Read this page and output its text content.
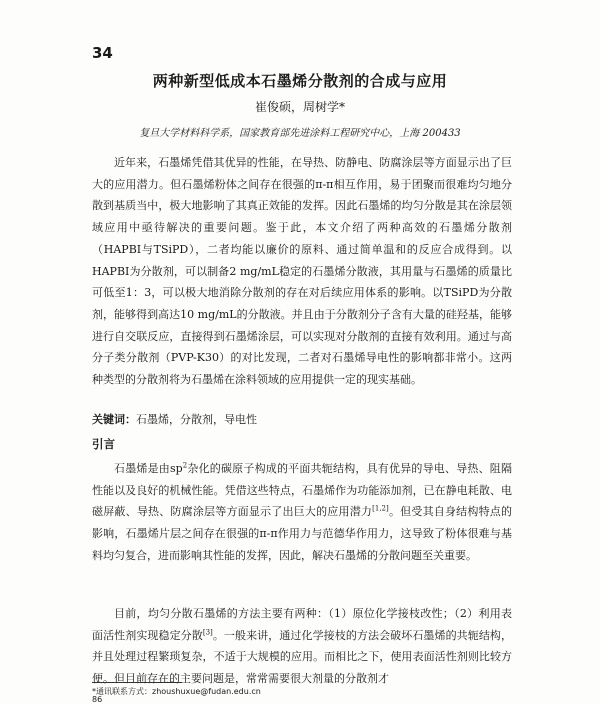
34
两种新型低成本石墨烯分散剂的合成与应用
崔俊硕，周树学*
复旦大学材料科学系，国家教育部先进涂料工程研究中心，上海 200433

近年来，石墨烯凭借其优异的性能，在导热、防静电、防腐涂层等方面显示出了巨大的应用潜力。但石墨烯粉体之间存在很强的π-π相互作用，易于团聚而很难均匀地分散到基质当中，极大地影响了其真正效能的发挥。因此石墨烯的均匀分散是其在涂层领域应用中亟待解决的重要问题。鉴于此，本文介绍了两种高效的石墨烯分散剂（HAPBI与TSiPD），二者均能以廉价的原料、通过简单温和的反应合成得到。以HAPBI为分散剂，可以制备2 mg/mL稳定的石墨烯分散液，其用量与石墨烯的质量比可低至1：3，可以极大地消除分散剂的存在对后续应用体系的影响。以TSiPD为分散剂，能够得到高达10 mg/mL的分散液。并且由于分散剂分子含有大量的硅羟基，能够进行自交联反应，直接得到石墨烯涂层，可以实现对分散剂的直接有效利用。通过与高分子类分散剂（PVP-K30）的对比发现，二者对石墨烯导电性的影响都非常小。这两种类型的分散剂将为石墨烯在涂料领域的应用提供一定的现实基础。

关键词：石墨烯，分散剂，导电性
引言

石墨烯是由$sp^2$杂化的碳原子构成的平面共轭结构，具有优异的导电、导热、阻隔性能以及良好的机械性能。凭借这些特点，石墨烯作为功能添加剂，已在静电耗散、电磁屏蔽、导热、防腐涂层等方面显示了出巨大的应用潜力[1,2]。但受其自身结构特点的影响，石墨烯片层之间存在很强的π-π作用力与范德华作用力，这导致了粉体很难与基料均匀复合，进而影响其性能的发挥，因此，解决石墨烯的分散问题至关重要。

目前，均匀分散石墨烯的方法主要有两种：（1）原位化学接枝改性；（2）利用表面活性剂实现稳定分散[3]。一般来讲，通过化学接枝的方法会破坏石墨烯的共轭结构，并且处理过程繁琐复杂，不适于大规模的应用。而相比之下，使用表面活性剂则比较方便。但目前存在的主要问题是，常常需要很大剂量的分散剂才

*通讯联系方式：zhoushuxue@fudan.edu.cn
86
